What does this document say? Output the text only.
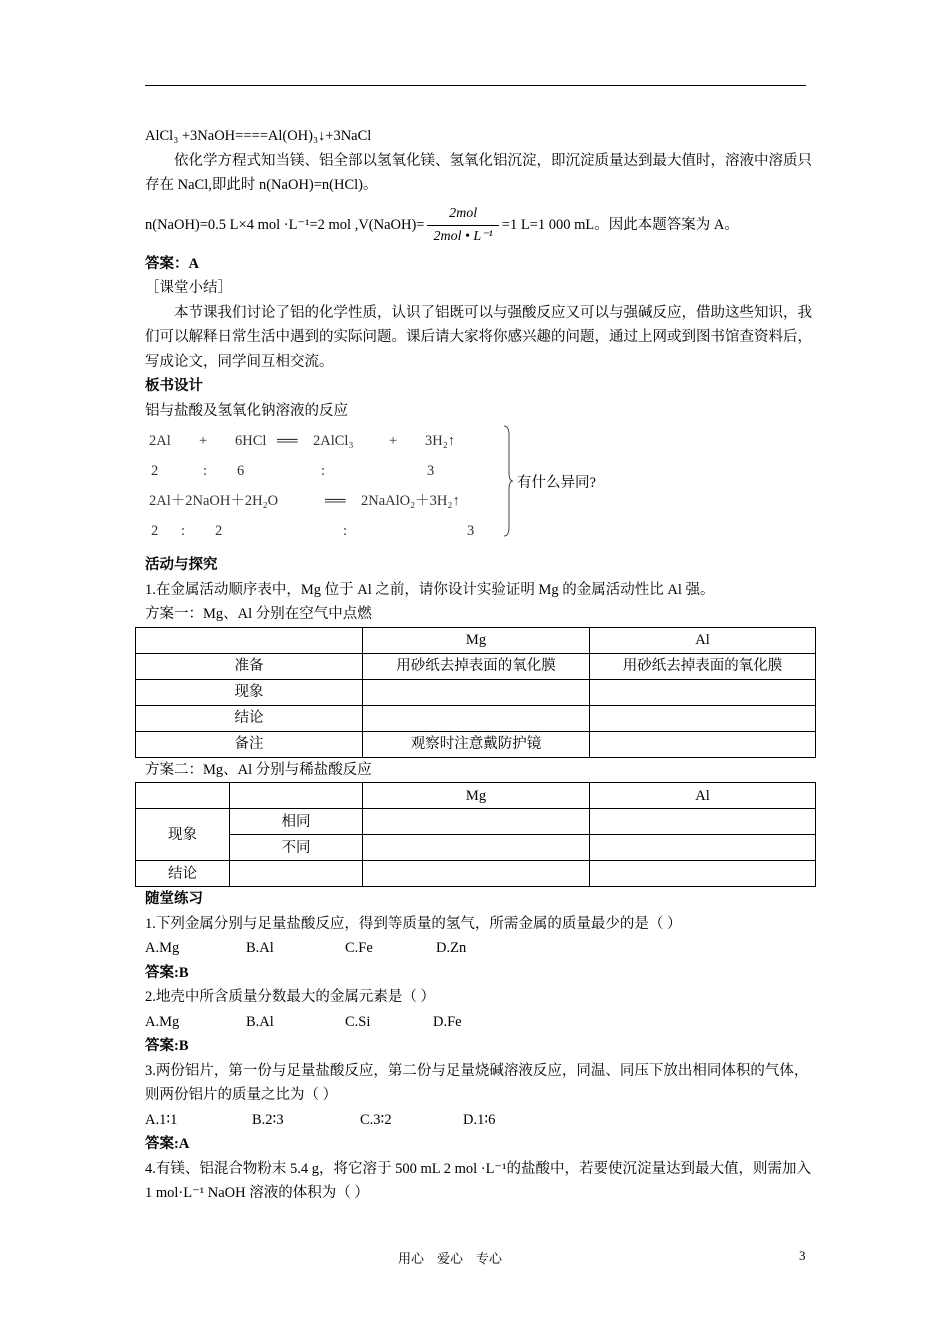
AlCl₃ +3NaOH====Al(OH)₃↓+3NaCl

依化学方程式知当镁、铝全部以氢氧化镁、氢氧化铝沉淀，即沉淀质量达到最大值时，溶液中溶质只存在 NaCl,即此时 n(NaOH)=n(HCl)。

n(NaOH)=0.5 L×4 mol ·L⁻¹=2 mol ,V(NaOH)= $\frac{\text{2mol}}{\text{2mol • L⁻¹}} =1$ L=1 000 mL。因此本题答案为 A。

答案：A

［课堂小结］

本节课我们讨论了铝的化学性质，认识了铝既可以与强酸反应又可以与强碱反应，借助这些知识，我们可以解释日常生活中遇到的实际问题。课后请大家将你感兴趣的问题，通过上网或到图书馆查资料后，写成论文，同学间互相交流。

板书设计

铝与盐酸及氢氧化钠溶液的反应

2Al + 6HCl ══ 2AlCl₃ + 3H₂↑
2	: 6	:	3
2Al＋2NaOH＋2H₂O	══ 2NaAlO₂＋3H₂↑
2 : 2	:	3
有什么异同?

活动与探究

1.在金属活动顺序表中，Mg 位于 Al 之前，请你设计实验证明 Mg 的金属活动性比 Al 强。

方案一：Mg、Al 分别在空气中点燃

	Mg	Al
准备	用砂纸去掉表面的氧化膜	用砂纸去掉表面的氧化膜
现象		
结论		
备注	观察时注意戴防护镜	

方案二：Mg、Al 分别与稀盐酸反应

		Mg	Al
现象	相同		
	不同		
结论			

随堂练习

1.下列金属分别与足量盐酸反应，得到等质量的氢气，所需金属的质量最少的是（ ）

A.Mg	B.Al	C.Fe	D.Zn

答案:B

2.地壳中所含质量分数最大的金属元素是（ ）

A.Mg	B.Al	C.Si	D.Fe

答案:B

3.两份铝片，第一份与足量盐酸反应，第二份与足量烧碱溶液反应，同温、同压下放出相同体积的气体，则两份铝片的质量之比为（ ）

A.1∶1	B.2∶3	C.3∶2	D.1∶6

答案:A

4.有镁、铝混合物粉末 5.4 g，将它溶于 500 mL 2 mol ·L⁻¹的盐酸中，若要使沉淀量达到最大值，则需加入 1 mol·L⁻¹ NaOH 溶液的体积为（ ）

用心    爱心    专心	3
